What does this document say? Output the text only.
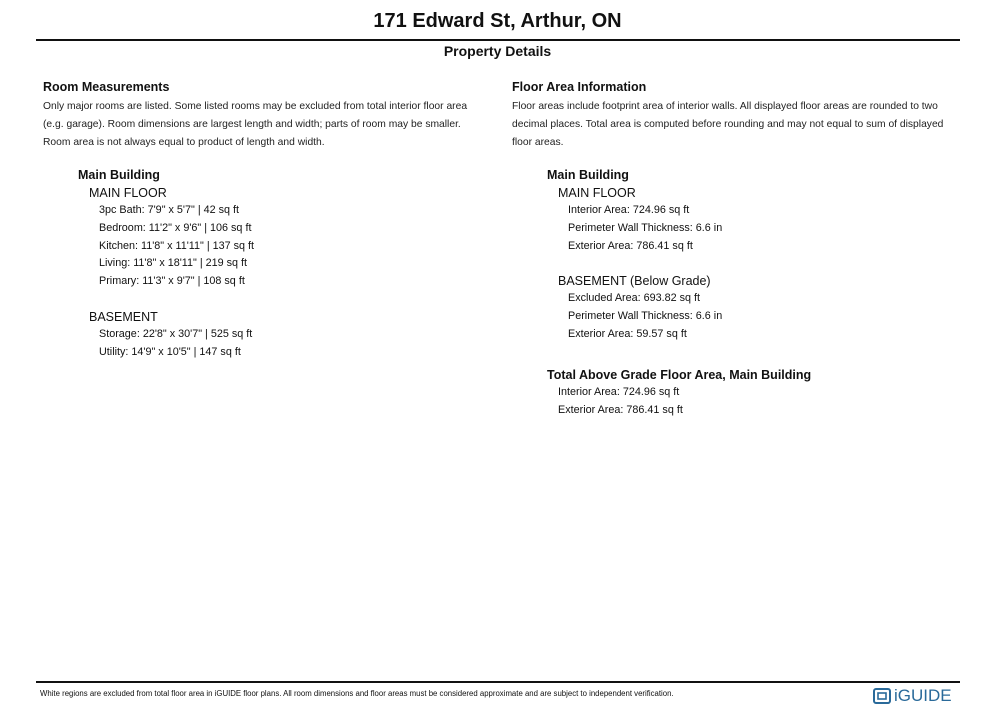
171 Edward St, Arthur, ON
Property Details
Room Measurements

Only major rooms are listed. Some listed rooms may be excluded from total interior floor area (e.g. garage). Room dimensions are largest length and width; parts of room may be smaller. Room area is not always equal to product of length and width.

Main Building
MAIN FLOOR
3pc Bath: 7'9" x 5'7" | 42 sq ft
Bedroom: 11'2" x 9'6" | 106 sq ft
Kitchen: 11'8" x 11'11" | 137 sq ft
Living: 11'8" x 18'11" | 219 sq ft
Primary: 11'3" x 9'7" | 108 sq ft
BASEMENT
Storage: 22'8" x 30'7" | 525 sq ft
Utility: 14'9" x 10'5" | 147 sq ft
Floor Area Information

Floor areas include footprint area of interior walls. All displayed floor areas are rounded to two decimal places. Total area is computed before rounding and may not equal to sum of displayed floor areas.

Main Building
MAIN FLOOR
Interior Area: 724.96 sq ft
Perimeter Wall Thickness: 6.6 in
Exterior Area: 786.41 sq ft
BASEMENT (Below Grade)
Excluded Area: 693.82 sq ft
Perimeter Wall Thickness: 6.6 in
Exterior Area: 59.57 sq ft
Total Above Grade Floor Area, Main Building
Interior Area: 724.96 sq ft
Exterior Area: 786.41 sq ft
White regions are excluded from total floor area in iGUIDE floor plans. All room dimensions and floor areas must be considered approximate and are subject to independent verification.	iGUIDE
